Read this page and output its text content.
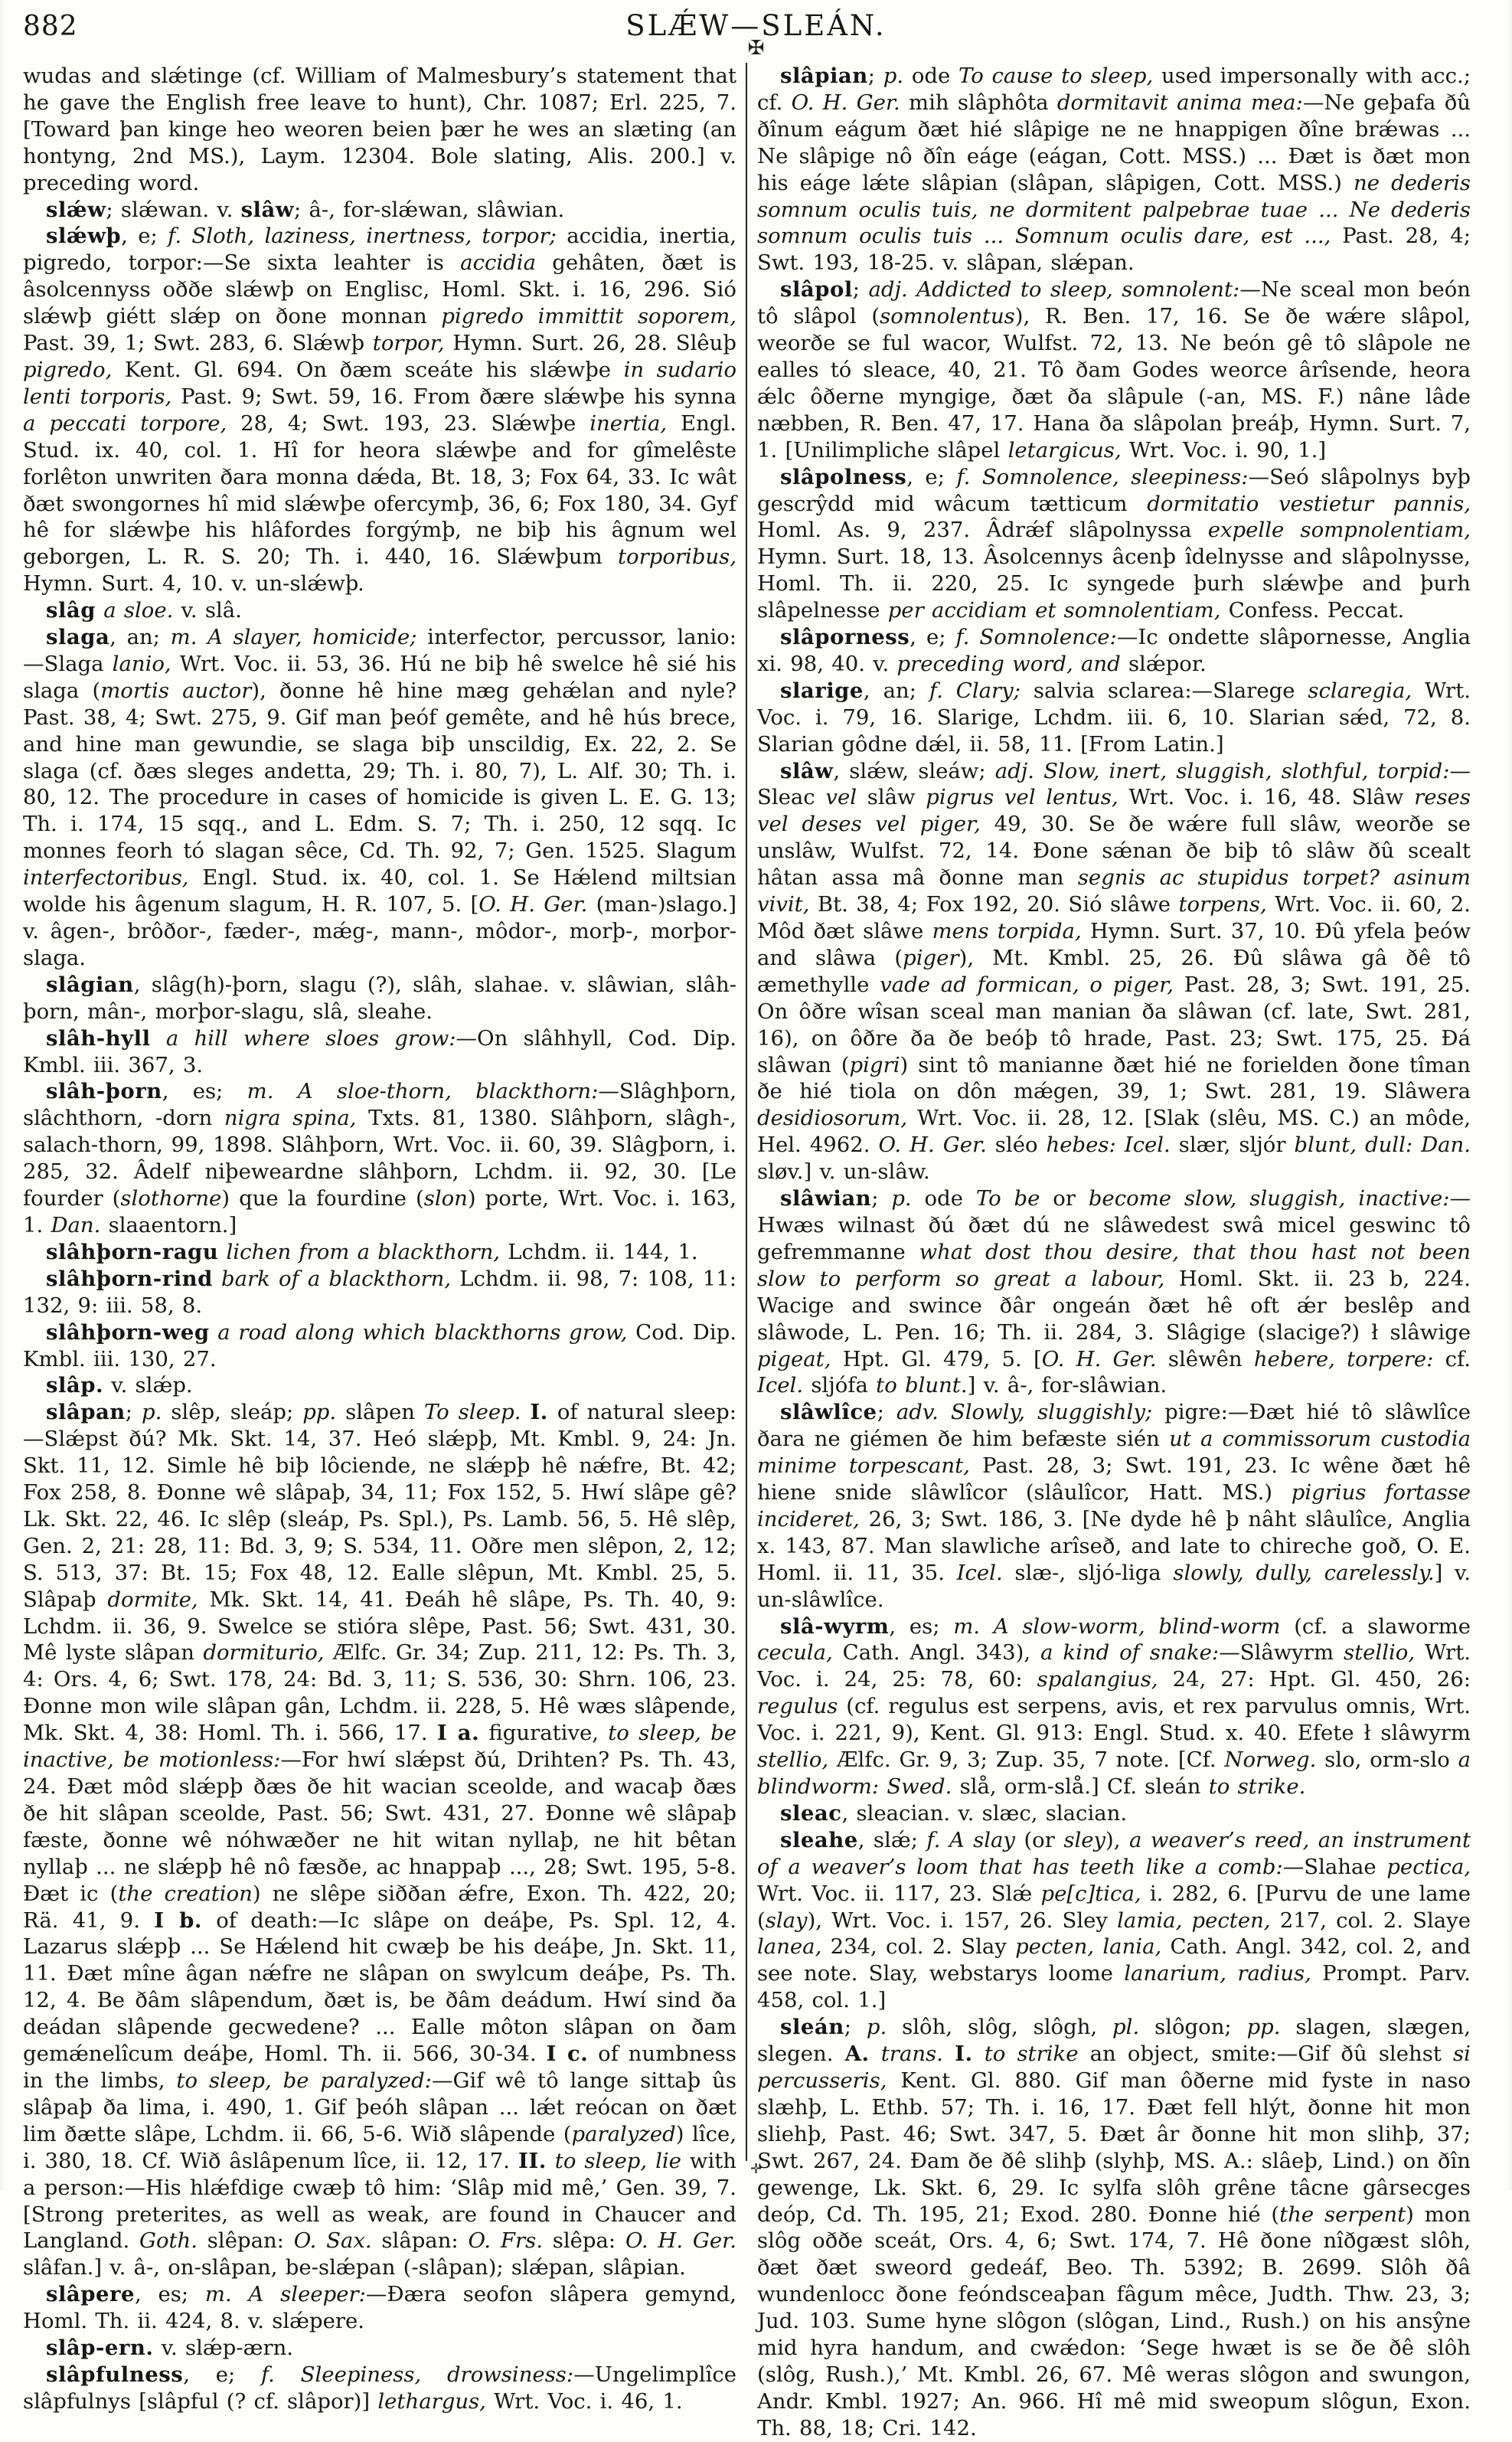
882	SLǼW—SLEÁN.
✠

wudas and slǽtinge (cf. William of Malmesbury’s statement that he gave the English free leave to hunt), Chr. 1087; Erl. 225, 7. [Toward þan kinge heo weoren beien þær he wes an slæting (an hontyng, 2nd MS.), Laym. 12304. Bole slating, Alis. 200.] v. preceding word.

slǽw; slǽwan. v. slâw; â-, for-slǽwan, slâwian.

slǽwþ, e; f. Sloth, laziness, inertness, torpor; accidia, inertia, pigredo, torpor:—Se sixta leahter is accidia gehâten, ðæt is âsolcennyss oððe slǽwþ on Englisc, Homl. Skt. i. 16, 296. Sió slǽwþ giétt slǽp on ðone monnan pigredo immittit soporem, Past. 39, 1; Swt. 283, 6. Slǽwþ torpor, Hymn. Surt. 26, 28. Slêuþ pigredo, Kent. Gl. 694. On ðæm sceáte his slǽwþe in sudario lenti torporis, Past. 9; Swt. 59, 16. From ðære slǽwþe his synna a peccati torpore, 28, 4; Swt. 193, 23. Slǽwþe inertia, Engl. Stud. ix. 40, col. 1. Hî for heora slǽwþe and for gîmelêste forlêton unwriten ðara monna dǽda, Bt. 18, 3; Fox 64, 33. Ic wât ðæt swongornes hî mid slǽwþe ofercymþ, 36, 6; Fox 180, 34. Gyf hê for slǽwþe his hlâfordes forgýmþ, ne biþ his âgnum wel geborgen, L. R. S. 20; Th. i. 440, 16. Slǽwþum torporibus, Hymn. Surt. 4, 10. v. un-slǽwþ.

slâg a sloe. v. slâ.

slaga, an; m. A slayer, homicide; interfector, percussor, lanio:—Slaga lanio, Wrt. Voc. ii. 53, 36. Hú ne biþ hê swelce hê sié his slaga (mortis auctor), ðonne hê hine mæg gehǽlan and nyle? Past. 38, 4; Swt. 275, 9. Gif man þeóf gemête, and hê hús brece, and hine man gewundie, se slaga biþ unscildig, Ex. 22, 2. Se slaga (cf. ðæs sleges andetta, 29; Th. i. 80, 7), L. Alf. 30; Th. i. 80, 12. The procedure in cases of homicide is given L. E. G. 13; Th. i. 174, 15 sqq., and L. Edm. S. 7; Th. i. 250, 12 sqq. Ic monnes feorh tó slagan sêce, Cd. Th. 92, 7; Gen. 1525. Slagum interfectoribus, Engl. Stud. ix. 40, col. 1. Se Hǽlend miltsian wolde his âgenum slagum, H. R. 107, 5. [O. H. Ger. (man-)slago.] v. âgen-, brôðor-, fæder-, mǽg-, mann-, môdor-, morþ-, morþor-slaga.

slâgian, slâg(h)-þorn, slagu (?), slâh, slahae. v. slâwian, slâh-þorn, mân-, morþor-slagu, slâ, sleahe.

slâh-hyll a hill where sloes grow:—On slâhhyll, Cod. Dip. Kmbl. iii. 367, 3.

slâh-þorn, es; m. A sloe-thorn, blackthorn:—Slâghþorn, slâchthorn, -dorn nigra spina, Txts. 81, 1380. Slâhþorn, slâgh-, salach-thorn, 99, 1898. Slâhþorn, Wrt. Voc. ii. 60, 39. Slâgþorn, i. 285, 32. Âdelf niþeweardne slâhþorn, Lchdm. ii. 92, 30. [Le fourder (slothorne) que la fourdine (slon) porte, Wrt. Voc. i. 163, 1. Dan. slaaentorn.]

slâhþorn-ragu lichen from a blackthorn, Lchdm. ii. 144, 1.

slâhþorn-rind bark of a blackthorn, Lchdm. ii. 98, 7: 108, 11: 132, 9: iii. 58, 8.

slâhþorn-weg a road along which blackthorns grow, Cod. Dip. Kmbl. iii. 130, 27.

slâp. v. slǽp.

slâpan; p. slêp, sleáp; pp. slâpen To sleep. I. of natural sleep:—Slǽpst ðú? Mk. Skt. 14, 37. Heó slǽpþ, Mt. Kmbl. 9, 24: Jn. Skt. 11, 12. Simle hê biþ lôciende, ne slǽpþ hê nǽfre, Bt. 42; Fox 258, 8. Ðonne wê slâpaþ, 34, 11; Fox 152, 5. Hwí slâpe gê? Lk. Skt. 22, 46. Ic slêp (sleáp, Ps. Spl.), Ps. Lamb. 56, 5. Hê slêp, Gen. 2, 21: 28, 11: Bd. 3, 9; S. 534, 11. Oðre men slêpon, 2, 12; S. 513, 37: Bt. 15; Fox 48, 12. Ealle slêpun, Mt. Kmbl. 25, 5. Slâpaþ dormite, Mk. Skt. 14, 41. Ðeáh hê slâpe, Ps. Th. 40, 9: Lchdm. ii. 36, 9. Swelce se stióra slêpe, Past. 56; Swt. 431, 30. Mê lyste slâpan dormiturio, Ælfc. Gr. 34; Zup. 211, 12: Ps. Th. 3, 4: Ors. 4, 6; Swt. 178, 24: Bd. 3, 11; S. 536, 30: Shrn. 106, 23. Ðonne mon wile slâpan gân, Lchdm. ii. 228, 5. Hê wæs slâpende, Mk. Skt. 4, 38: Homl. Th. i. 566, 17. I a. figurative, to sleep, be inactive, be motionless:—For hwí slǽpst ðú, Drihten? Ps. Th. 43, 24. Ðæt môd slǽpþ ðæs ðe hit wacian sceolde, and wacaþ ðæs ðe hit slâpan sceolde, Past. 56; Swt. 431, 27. Ðonne wê slâpaþ fæste, ðonne wê nóhwæðer ne hit witan nyllaþ, ne hit bêtan nyllaþ ... ne slǽpþ hê nô fæsðe, ac hnappaþ ..., 28; Swt. 195, 5-8. Ðæt ic (the creation) ne slêpe siððan ǽfre, Exon. Th. 422, 20; Rä. 41, 9. I b. of death:—Ic slâpe on deáþe, Ps. Spl. 12, 4. Lazarus slǽpþ ... Se Hǽlend hit cwæþ be his deáþe, Jn. Skt. 11, 11. Ðæt mîne âgan nǽfre ne slâpan on swylcum deáþe, Ps. Th. 12, 4. Be ðâm slâpendum, ðæt is, be ðâm deádum. Hwí sind ða deádan slâpende gecwedene? ... Ealle môton slâpan on ðam gemǽnelîcum deáþe, Homl. Th. ii. 566, 30-34. I c. of numbness in the limbs, to sleep, be paralyzed:—Gif wê tô lange sittaþ ûs slâpaþ ða lima, i. 490, 1. Gif þeóh slâpan ... lǽt reócan on ðæt lim ðætte slâpe, Lchdm. ii. 66, 5-6. Wið slâpende (paralyzed) lîce, i. 380, 18. Cf. Wið âslâpenum lîce, ii. 12, 17. II. to sleep, lie with a person:—His hlǽfdige cwæþ tô him: ‘Slâp mid mê,’ Gen. 39, 7. [Strong preterites, as well as weak, are found in Chaucer and Langland. Goth. slêpan: O. Sax. slâpan: O. Frs. slêpa: O. H. Ger. slâfan.] v. â-, on-slâpan, be-slǽpan (-slâpan); slǽpan, slâpian.

slâpere, es; m. A sleeper:—Ðæra seofon slâpera gemynd, Homl. Th. ii. 424, 8. v. slǽpere.

slâp-ern. v. slǽp-ærn.

slâpfulness, e; f. Sleepiness, drowsiness:—Ungelimplîce slâpfulnys [slâpful (? cf. slâpor)] lethargus, Wrt. Voc. i. 46, 1.

slâpian; p. ode To cause to sleep, used impersonally with acc.; cf. O. H. Ger. mih slâphôta dormitavit anima mea:—Ne geþafa ðû ðînum eágum ðæt hié slâpige ne ne hnappigen ðîne brǽwas ... Ne slâpige nô ðîn eáge (eágan, Cott. MSS.) ... Ðæt is ðæt mon his eáge lǽte slâpian (slâpan, slâpigen, Cott. MSS.) ne dederis somnum oculis tuis, ne dormitent palpebrae tuae ... Ne dederis somnum oculis tuis ... Somnum oculis dare, est ..., Past. 28, 4; Swt. 193, 18-25. v. slâpan, slǽpan.

slâpol; adj. Addicted to sleep, somnolent:—Ne sceal mon beón tô slâpol (somnolentus), R. Ben. 17, 16. Se ðe wǽre slâpol, weorðe se ful wacor, Wulfst. 72, 13. Ne beón gê tô slâpole ne ealles tó sleace, 40, 21. Tô ðam Godes weorce ârîsende, heora ǽlc ôðerne myngige, ðæt ða slâpule (-an, MS. F.) nâne lâde næbben, R. Ben. 47, 17. Hana ða slâpolan þreáþ, Hymn. Surt. 7, 1. [Unilimpliche slâpel letargicus, Wrt. Voc. i. 90, 1.]

slâpolness, e; f. Somnolence, sleepiness:—Seó slâpolnys byþ gescrŷdd mid wâcum tætticum dormitatio vestietur pannis, Homl. As. 9, 237. Âdrǽf slâpolnyssa expelle sompnolentiam, Hymn. Surt. 18, 13. Âsolcennys âcenþ îdelnysse and slâpolnysse, Homl. Th. ii. 220, 25. Ic syngede þurh slǽwþe and þurh slâpelnesse per accidiam et somnolentiam, Confess. Peccat.

slâporness, e; f. Somnolence:—Ic ondette slâpornesse, Anglia xi. 98, 40. v. preceding word, and slǽpor.

slarige, an; f. Clary; salvia sclarea:—Slarege sclaregia, Wrt. Voc. i. 79, 16. Slarige, Lchdm. iii. 6, 10. Slarian sǽd, 72, 8. Slarian gôdne dǽl, ii. 58, 11. [From Latin.]

slâw, slǽw, sleáw; adj. Slow, inert, sluggish, slothful, torpid:—Sleac vel slâw pigrus vel lentus, Wrt. Voc. i. 16, 48. Slâw reses vel deses vel piger, 49, 30. Se ðe wǽre full slâw, weorðe se unslâw, Wulfst. 72, 14. Ðone sǽnan ðe biþ tô slâw ðû scealt hâtan assa mâ ðonne man segnis ac stupidus torpet? asinum vivit, Bt. 38, 4; Fox 192, 20. Sió slâwe torpens, Wrt. Voc. ii. 60, 2. Môd ðæt slâwe mens torpida, Hymn. Surt. 37, 10. Ðû yfela þeów and slâwa (piger), Mt. Kmbl. 25, 26. Ðû slâwa gâ ðê tô æmethylle vade ad formican, o piger, Past. 28, 3; Swt. 191, 25. On ôðre wîsan sceal man manian ða slâwan (cf. late, Swt. 281, 16), on ôðre ða ðe beóþ tô hrade, Past. 23; Swt. 175, 25. Ðá slâwan (pigri) sint tô manianne ðæt hié ne forielden ðone tîman ðe hié tiola on dôn mǽgen, 39, 1; Swt. 281, 19. Slâwera desidiosorum, Wrt. Voc. ii. 28, 12. [Slak (slêu, MS. C.) an môde, Hel. 4962. O. H. Ger. sléo hebes: Icel. slær, sljór blunt, dull: Dan. sløv.] v. un-slâw.

slâwian; p. ode To be or become slow, sluggish, inactive:—Hwæs wilnast ðú ðæt dú ne slâwedest swâ micel geswinc tô gefremmanne what dost thou desire, that thou hast not been slow to perform so great a labour, Homl. Skt. ii. 23 b, 224. Wacige and swince ðâr ongeán ðæt hê oft ǽr beslêp and slâwode, L. Pen. 16; Th. ii. 284, 3. Slâgige (slacige?) ł slâwige pigeat, Hpt. Gl. 479, 5. [O. H. Ger. slêwên hebere, torpere: cf. Icel. sljófa to blunt.] v. â-, for-slâwian.

slâwlîce; adv. Slowly, sluggishly; pigre:—Ðæt hié tô slâwlîce ðara ne giémen ðe him befæste sién ut a commissorum custodia minime torpescant, Past. 28, 3; Swt. 191, 23. Ic wêne ðæt hê hiene snide slâwlîcor (slâulîcor, Hatt. MS.) pigrius fortasse incideret, 26, 3; Swt. 186, 3. [Ne dyde hê þ nâht slâulîce, Anglia x. 143, 87. Man slawliche arîseð, and late to chireche goð, O. E. Homl. ii. 11, 35. Icel. slæ-, sljó-liga slowly, dully, carelessly.] v. un-slâwlîce.

slâ-wyrm, es; m. A slow-worm, blind-worm (cf. a slaworme cecula, Cath. Angl. 343), a kind of snake:—Slâwyrm stellio, Wrt. Voc. i. 24, 25: 78, 60: spalangius, 24, 27: Hpt. Gl. 450, 26: regulus (cf. regulus est serpens, avis, et rex parvulus omnis, Wrt. Voc. i. 221, 9), Kent. Gl. 913: Engl. Stud. x. 40. Efete ł slâwyrm stellio, Ælfc. Gr. 9, 3; Zup. 35, 7 note. [Cf. Norweg. slo, orm-slo a blindworm: Swed. slå, orm-slå.] Cf. sleán to strike.

sleac, sleacian. v. slæc, slacian.

sleahe, slǽ; f. A slay (or sley), a weaver’s reed, an instrument of a weaver’s loom that has teeth like a comb:—Slahae pectica, Wrt. Voc. ii. 117, 23. Slǽ pe[c]tica, i. 282, 6. [Purvu de une lame (slay), Wrt. Voc. i. 157, 26. Sley lamia, pecten, 217, col. 2. Slaye lanea, 234, col. 2. Slay pecten, lania, Cath. Angl. 342, col. 2, and see note. Slay, webstarys loome lanarium, radius, Prompt. Parv. 458, col. 1.]

sleán; p. slôh, slôg, slôgh, pl. slôgon; pp. slagen, slægen, slegen. A. trans. I. to strike an object, smite:—Gif ðû slehst si percusseris, Kent. Gl. 880. Gif man ôðerne mid fyste in naso slæhþ, L. Ethb. 57; Th. i. 16, 17. Ðæt fell hlýt, ðonne hit mon sliehþ, Past. 46; Swt. 347, 5. Ðæt âr ðonne hit mon slihþ, 37; Swt. 267, 24. Ðam ðe ðê slihþ (slyhþ, MS. A.: slâeþ, Lind.) on ðîn gewenge, Lk. Skt. 6, 29. Ic sylfa slôh grêne tâcne gârsecges deóp, Cd. Th. 195, 21; Exod. 280. Ðonne hié (the serpent) mon slôg oððe sceát, Ors. 4, 6; Swt. 174, 7. Hê ðone nîðgæst slôh, ðæt ðæt sweord gedeáf, Beo. Th. 5392; B. 2699. Slôh ðâ wundenlocc ðone feóndsceaþan fâgum mêce, Judth. Thw. 23, 3; Jud. 103. Sume hyne slôgon (slôgan, Lind., Rush.) on his ansŷne mid hyra handum, and cwǽdon: ‘Sege hwæt is se ðe ðê slôh (slôg, Rush.),’ Mt. Kmbl. 26, 67. Mê weras slôgon and swungon, Andr. Kmbl. 1927; An. 966. Hî mê mid sweopum slôgun, Exon. Th. 88, 18; Cri. 142.

✛
